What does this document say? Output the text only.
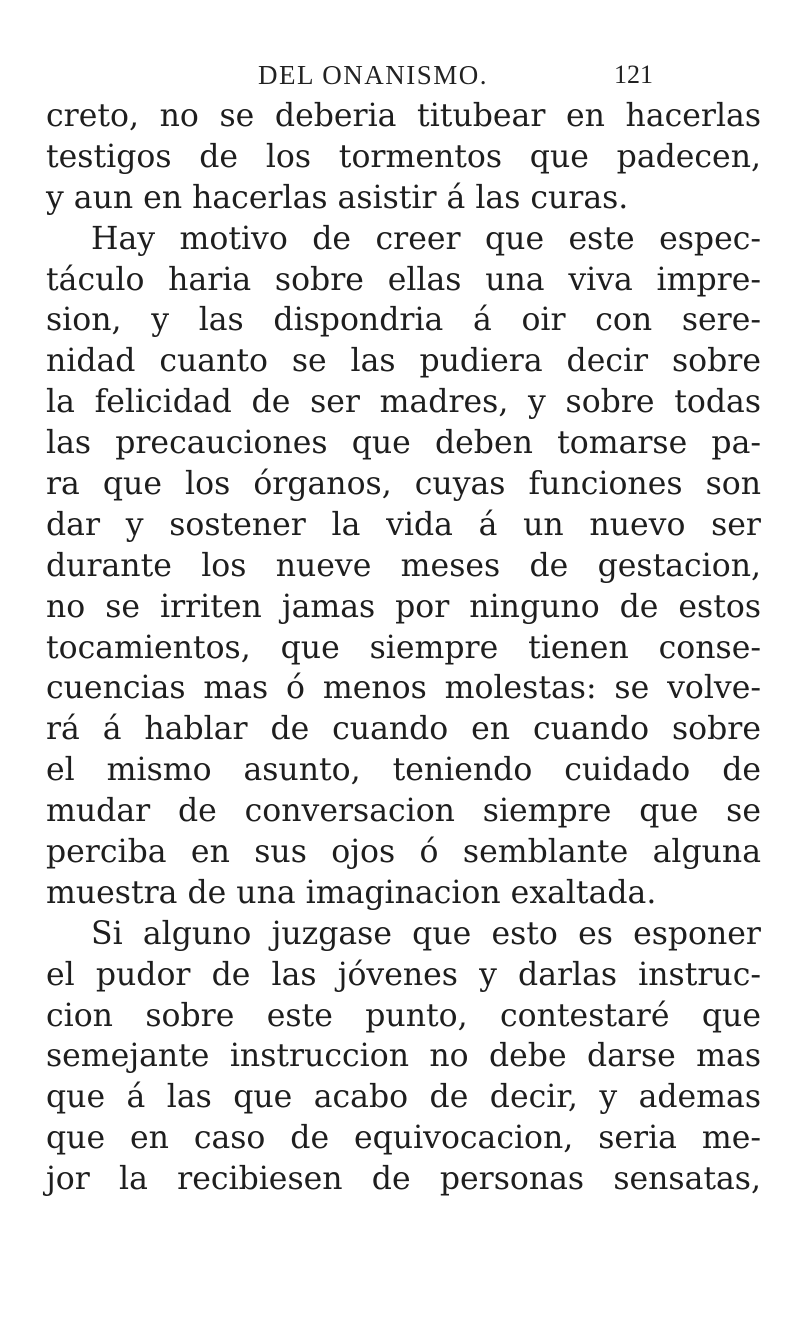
DEL ONANISMO.	121
creto, no se deberia titubear en hacerlas
testigos de los tormentos que padecen,
y aun en hacerlas asistir á las curas.
Hay motivo de creer que este espec-
táculo haria sobre ellas una viva impre-
sion, y las dispondria á oir con sere-
nidad cuanto se las pudiera decir sobre
la felicidad de ser madres, y sobre todas
las precauciones que deben tomarse pa-
ra que los órganos, cuyas funciones son
dar y sostener la vida á un nuevo ser
durante los nueve meses de gestacion,
no se irriten jamas por ninguno de estos
tocamientos, que siempre tienen conse-
cuencias mas ó menos molestas: se volve-
rá á hablar de cuando en cuando sobre
el mismo asunto, teniendo cuidado de
mudar de conversacion siempre que se
perciba en sus ojos ó semblante alguna
muestra de una imaginacion exaltada.
Si alguno juzgase que esto es esponer
el pudor de las jóvenes y darlas instruc-
cion sobre este punto, contestaré que
semejante instruccion no debe darse mas
que á las que acabo de decir, y ademas
que en caso de equivocacion, seria me-
jor la recibiesen de personas sensatas,
